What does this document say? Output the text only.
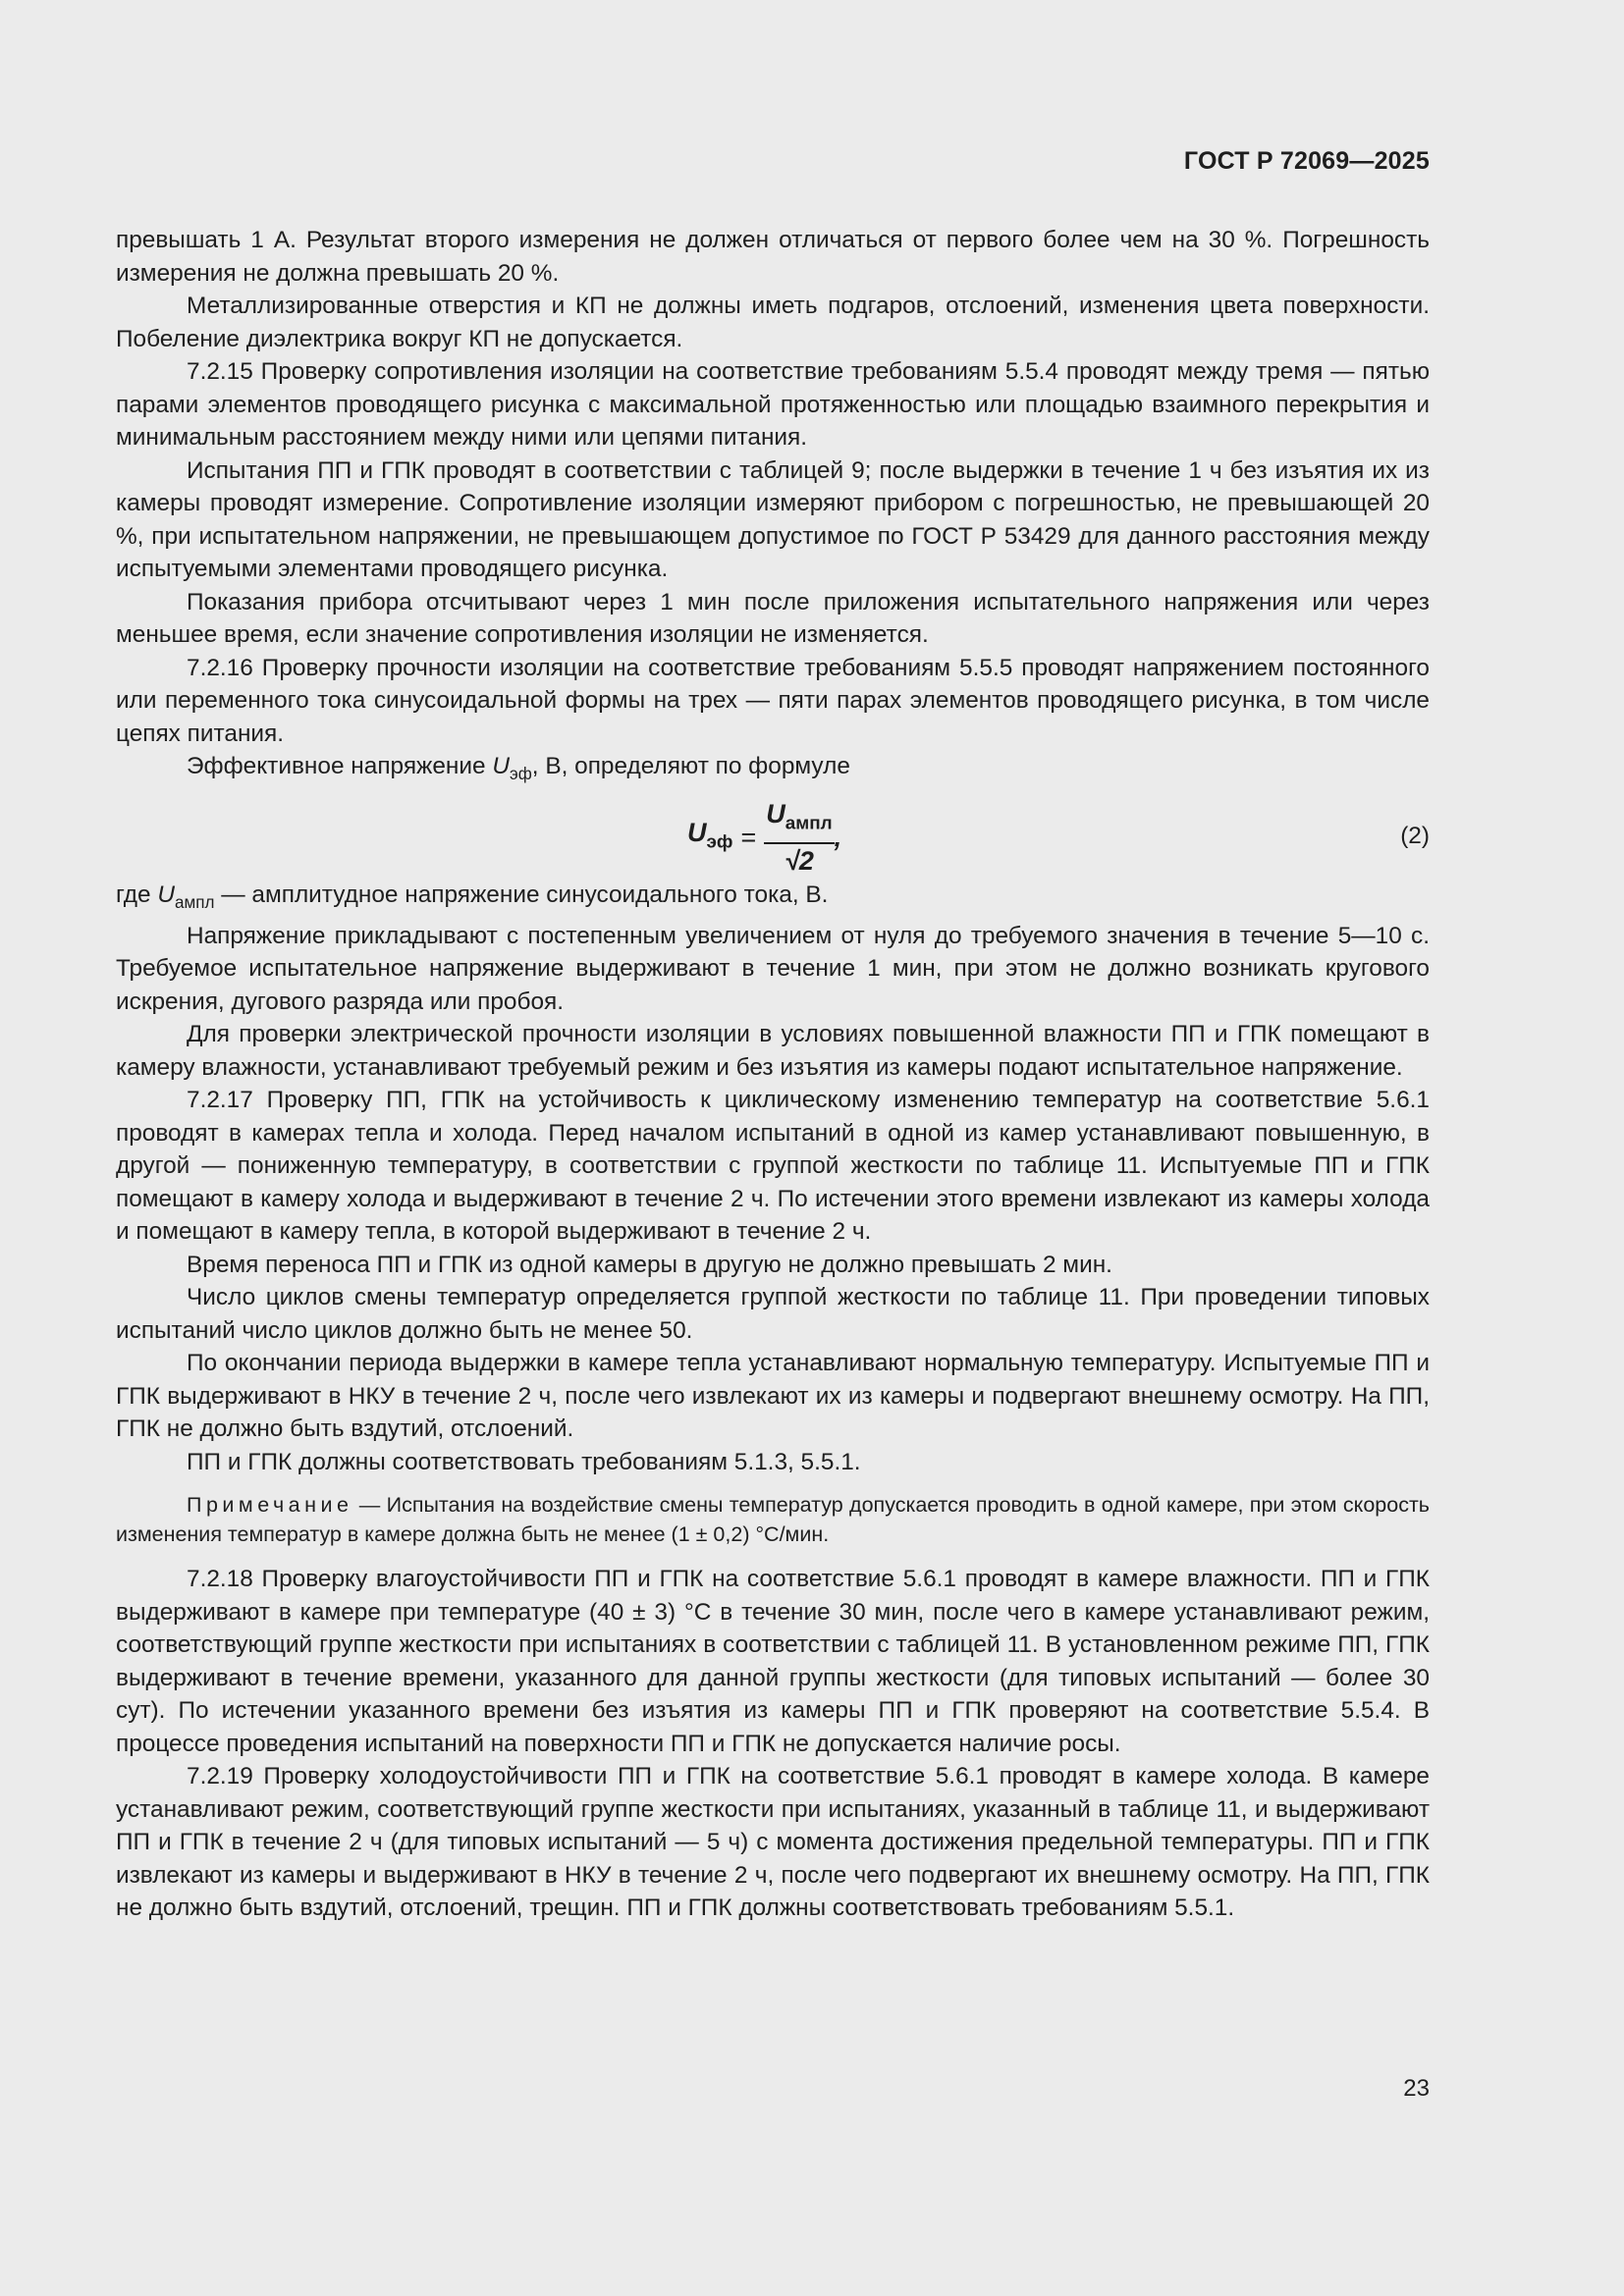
ГОСТ Р 72069—2025

превышать 1 А. Результат второго измерения не должен отличаться от первого более чем на 30 %. Погрешность измерения не должна превышать 20 %.

Металлизированные отверстия и КП не должны иметь подгаров, отслоений, изменения цвета поверхности. Побеление диэлектрика вокруг КП не допускается.

7.2.15 Проверку сопротивления изоляции на соответствие требованиям 5.5.4 проводят между тремя — пятью парами элементов проводящего рисунка с максимальной протяженностью или площадью взаимного перекрытия и минимальным расстоянием между ними или цепями питания.

Испытания ПП и ГПК проводят в соответствии с таблицей 9; после выдержки в течение 1 ч без изъятия их из камеры проводят измерение. Сопротивление изоляции измеряют прибором с погрешностью, не превышающей 20 %, при испытательном напряжении, не превышающем допустимое по ГОСТ Р 53429 для данного расстояния между испытуемыми элементами проводящего рисунка.

Показания прибора отсчитывают через 1 мин после приложения испытательного напряжения или через меньшее время, если значение сопротивления изоляции не изменяется.

7.2.16 Проверку прочности изоляции на соответствие требованиям 5.5.5 проводят напряжением постоянного или переменного тока синусоидальной формы на трех — пяти парах элементов проводящего рисунка, в том числе цепях питания.

Эффективное напряжение $U_{эф}$, В, определяют по формуле

$U_{эф} = \frac{U_{ампл}}{√2}$ ,	(2)

где $U_{ампл}$ — амплитудное напряжение синусоидального тока, В.

Напряжение прикладывают с постепенным увеличением от нуля до требуемого значения в течение 5—10 с. Требуемое испытательное напряжение выдерживают в течение 1 мин, при этом не должно возникать кругового искрения, дугового разряда или пробоя.

Для проверки электрической прочности изоляции в условиях повышенной влажности ПП и ГПК помещают в камеру влажности, устанавливают требуемый режим и без изъятия из камеры подают испытательное напряжение.

7.2.17 Проверку ПП, ГПК на устойчивость к циклическому изменению температур на соответствие 5.6.1 проводят в камерах тепла и холода. Перед началом испытаний в одной из камер устанавливают повышенную, в другой — пониженную температуру, в соответствии с группой жесткости по таблице 11. Испытуемые ПП и ГПК помещают в камеру холода и выдерживают в течение 2 ч. По истечении этого времени извлекают из камеры холода и помещают в камеру тепла, в которой выдерживают в течение 2 ч.

Время переноса ПП и ГПК из одной камеры в другую не должно превышать 2 мин.

Число циклов смены температур определяется группой жесткости по таблице 11. При проведении типовых испытаний число циклов должно быть не менее 50.

По окончании периода выдержки в камере тепла устанавливают нормальную температуру. Испытуемые ПП и ГПК выдерживают в НКУ в течение 2 ч, после чего извлекают их из камеры и подвергают внешнему осмотру. На ПП, ГПК не должно быть вздутий, отслоений.

ПП и ГПК должны соответствовать требованиям 5.1.3, 5.5.1.

Примечание — Испытания на воздействие смены температур допускается проводить в одной камере, при этом скорость изменения температур в камере должна быть не менее (1 ± 0,2) °С/мин.

7.2.18 Проверку влагоустойчивости ПП и ГПК на соответствие 5.6.1 проводят в камере влажности. ПП и ГПК выдерживают в камере при температуре (40 ± 3) °С в течение 30 мин, после чего в камере устанавливают режим, соответствующий группе жесткости при испытаниях в соответствии с таблицей 11. В установленном режиме ПП, ГПК выдерживают в течение времени, указанного для данной группы жесткости (для типовых испытаний — более 30 сут). По истечении указанного времени без изъятия из камеры ПП и ГПК проверяют на соответствие 5.5.4. В процессе проведения испытаний на поверхности ПП и ГПК не допускается наличие росы.

7.2.19 Проверку холодоустойчивости ПП и ГПК на соответствие 5.6.1 проводят в камере холода. В камере устанавливают режим, соответствующий группе жесткости при испытаниях, указанный в таблице 11, и выдерживают ПП и ГПК в течение 2 ч (для типовых испытаний — 5 ч) с момента достижения предельной температуры. ПП и ГПК извлекают из камеры и выдерживают в НКУ в течение 2 ч, после чего подвергают их внешнему осмотру. На ПП, ГПК не должно быть вздутий, отслоений, трещин. ПП и ГПК должны соответствовать требованиям 5.5.1.

23
